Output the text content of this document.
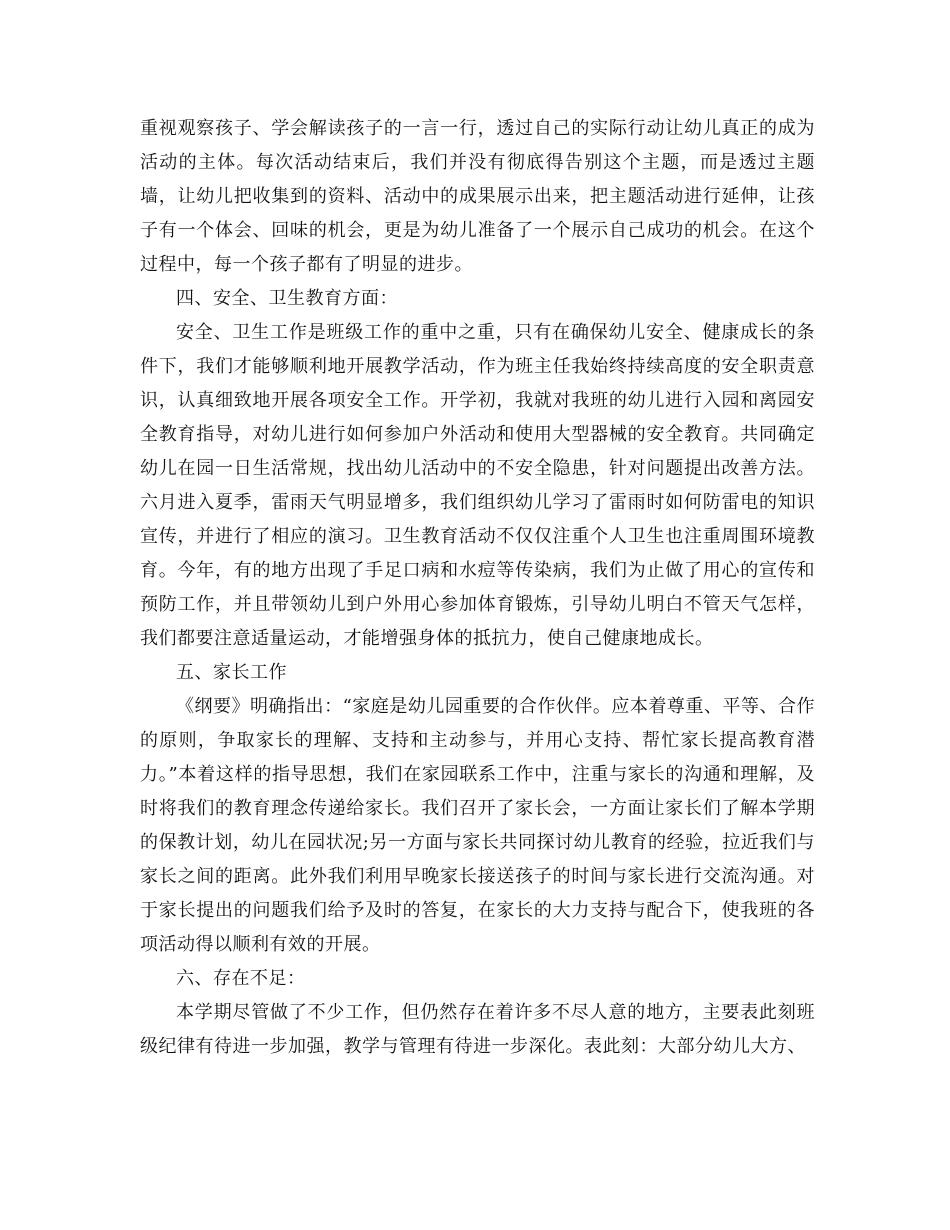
重视观察孩子、学会解读孩子的一言一行，透过自己的实际行动让幼儿真正的成为活动的主体。每次活动结束后，我们并没有彻底得告别这个主题，而是透过主题墙，让幼儿把收集到的资料、活动中的成果展示出来，把主题活动进行延伸，让孩子有一个体会、回味的机会，更是为幼儿准备了一个展示自己成功的机会。在这个过程中，每一个孩子都有了明显的进步。

四、安全、卫生教育方面：

安全、卫生工作是班级工作的重中之重，只有在确保幼儿安全、健康成长的条件下，我们才能够顺利地开展教学活动，作为班主任我始终持续高度的安全职责意识，认真细致地开展各项安全工作。开学初，我就对我班的幼儿进行入园和离园安全教育指导，对幼儿进行如何参加户外活动和使用大型器械的安全教育。共同确定幼儿在园一日生活常规，找出幼儿活动中的不安全隐患，针对问题提出改善方法。六月进入夏季，雷雨天气明显增多，我们组织幼儿学习了雷雨时如何防雷电的知识宣传，并进行了相应的演习。卫生教育活动不仅仅注重个人卫生也注重周围环境教育。今年，有的地方出现了手足口病和水痘等传染病，我们为止做了用心的宣传和预防工作，并且带领幼儿到户外用心参加体育锻炼，引导幼儿明白不管天气怎样，我们都要注意适量运动，才能增强身体的抵抗力，使自己健康地成长。

五、家长工作

《纲要》明确指出：“家庭是幼儿园重要的合作伙伴。应本着尊重、平等、合作的原则，争取家长的理解、支持和主动参与，并用心支持、帮忙家长提高教育潜力。”本着这样的指导思想，我们在家园联系工作中，注重与家长的沟通和理解，及时将我们的教育理念传递给家长。我们召开了家长会，一方面让家长们了解本学期的保教计划，幼儿在园状况;另一方面与家长共同探讨幼儿教育的经验，拉近我们与家长之间的距离。此外我们利用早晚家长接送孩子的时间与家长进行交流沟通。对于家长提出的问题我们给予及时的答复，在家长的大力支持与配合下，使我班的各项活动得以顺利有效的开展。

六、存在不足：

本学期尽管做了不少工作，但仍然存在着许多不尽人意的地方，主要表此刻班级纪律有待进一步加强，教学与管理有待进一步深化。表此刻：大部分幼儿大方、
